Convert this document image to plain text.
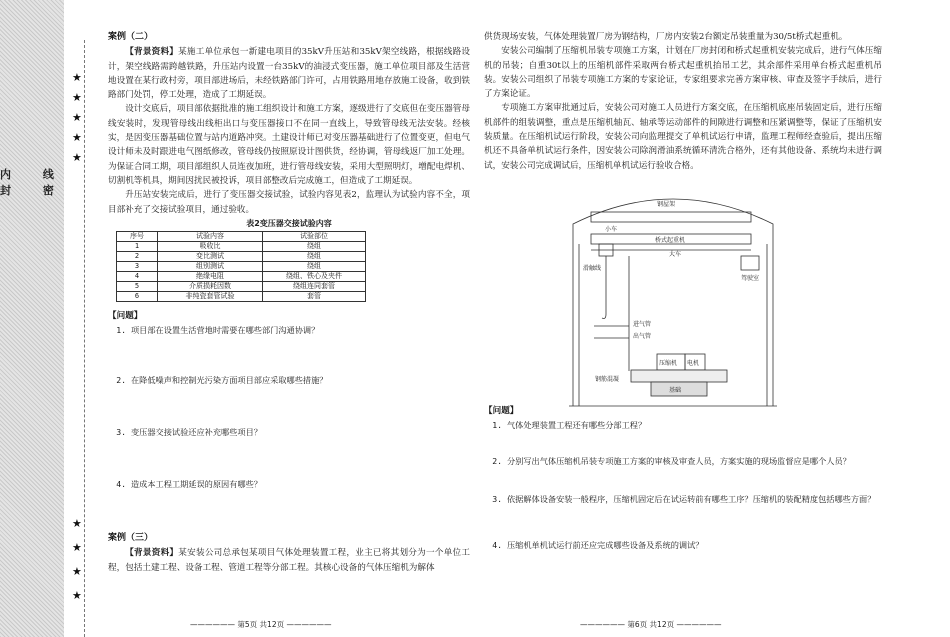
内 线 封 密
★
★
★
★
★
★
★
★
★
案例（二）

【背景资料】某施工单位承包一新建电项目的35kV升压站和35kV架空线路，根据线路设计，架空线路需跨越铁路，升压站内设置一台35kV的油浸式变压器，施工单位项目部及生活营地设置在某行政村旁，项目部进场后，未经铁路部门许可，占用铁路用地存放施工设备，收到铁路部门处罚，停工处理，造成了工期延误。

设计交底后，项目部依据批准的施工组织设计和施工方案，逐级进行了交底但在变压器管母线安装时，发现管母线出线柜出口与变压器接口不在同一直线上，导致管母线无法安装。经核实，是因变压器基础位置与站内道路冲突。土建设计师已对变压器基础进行了位置变更，但电气设计师未及时跟进电气图纸修改，管母线仍按照原设计图供货，经协调，管母线返厂加工处理。为保证合同工期，项目部组织人员连夜加班，进行管母线安装，采用大型照明灯，增配电焊机、切割机等机具，期间因扰民被投诉，项目部整改后完成施工，但造成了工期延误。

升压站安装完成后，进行了变压器交接试验，试验内容见表2，监理认为试验内容不全，项目部补充了交接试验项目，通过验收。

表2变压器交接试验内容
序号	试验内容	试验部位
1	吸收比	绕组
2	变比测试	绕组
3	组别测试	绕组
4	绝缘电阻	绕组、铁心及夹件
5	介质损耗因数	绕组连同套管
6	非纯瓷套管试验	套管
【问题】

1. 项目部在设置生活营地时需要在哪些部门沟通协调？

2. 在降低噪声和控制光污染方面项目部应采取哪些措施？

3. 变压器交接试验还应补充哪些项目？

4. 造成本工程工期延误的原因有哪些？

案例（三）

【背景资料】某安装公司总承包某项目气体处理装置工程，业主已将其划分为一个单位工程，包括土建工程、设备工程、管道工程等分部工程。其核心设备的气体压缩机为解体

—————— 第5页 共12页 ——————

供货现场安装，气体处理装置厂房为钢结构，厂房内安装2台额定吊装重量为30/5t桥式起重机。

安装公司编制了压缩机吊装专项施工方案，计划在厂房封闭和桥式起重机安装完成后，进行气体压缩机的吊装；自重30t以上的压缩机部件采取两台桥式起重机抬吊工艺，其余部件采用单台桥式起重机吊装。安装公司组织了吊装专项施工方案的专家论证，专家组要求完善方案审核、审查及签字手续后，进行了方案论证。

专项施工方案审批通过后，安装公司对施工人员进行方案交底，在压缩机底座吊装固定后，进行压缩机部件的组装调整，重点是压缩机轴瓦、轴承等运动部件的间隙进行调整和压紧调整等，保证了压缩机安装质量。在压缩机试运行阶段，安装公司向监理提交了单机试运行申请，监理工程师经查验后，提出压缩机还不具备单机试运行条件，因安装公司除润滑油系统循环清洗合格外，还有其他设备、系统均未进行调试，安装公司完成调试后，压缩机单机试运行验收合格。

钢屋架
小车
桥式起重机
大车
滑触线
驾驶室
进气管
出气管
压缩机 电机
钢筋混凝
基础
【问题】

1. 气体处理装置工程还有哪些分部工程？

2. 分别写出气体压缩机吊装专项施工方案的审核及审查人员，方案实施的现场监督应是哪个人员？

3. 依据解体设备安装一般程序，压缩机固定后在试运转前有哪些工序？压缩机的装配精度包括哪些方面？

4. 压缩机单机试运行前还应完成哪些设备及系统的调试？

—————— 第6页 共12页 ——————
